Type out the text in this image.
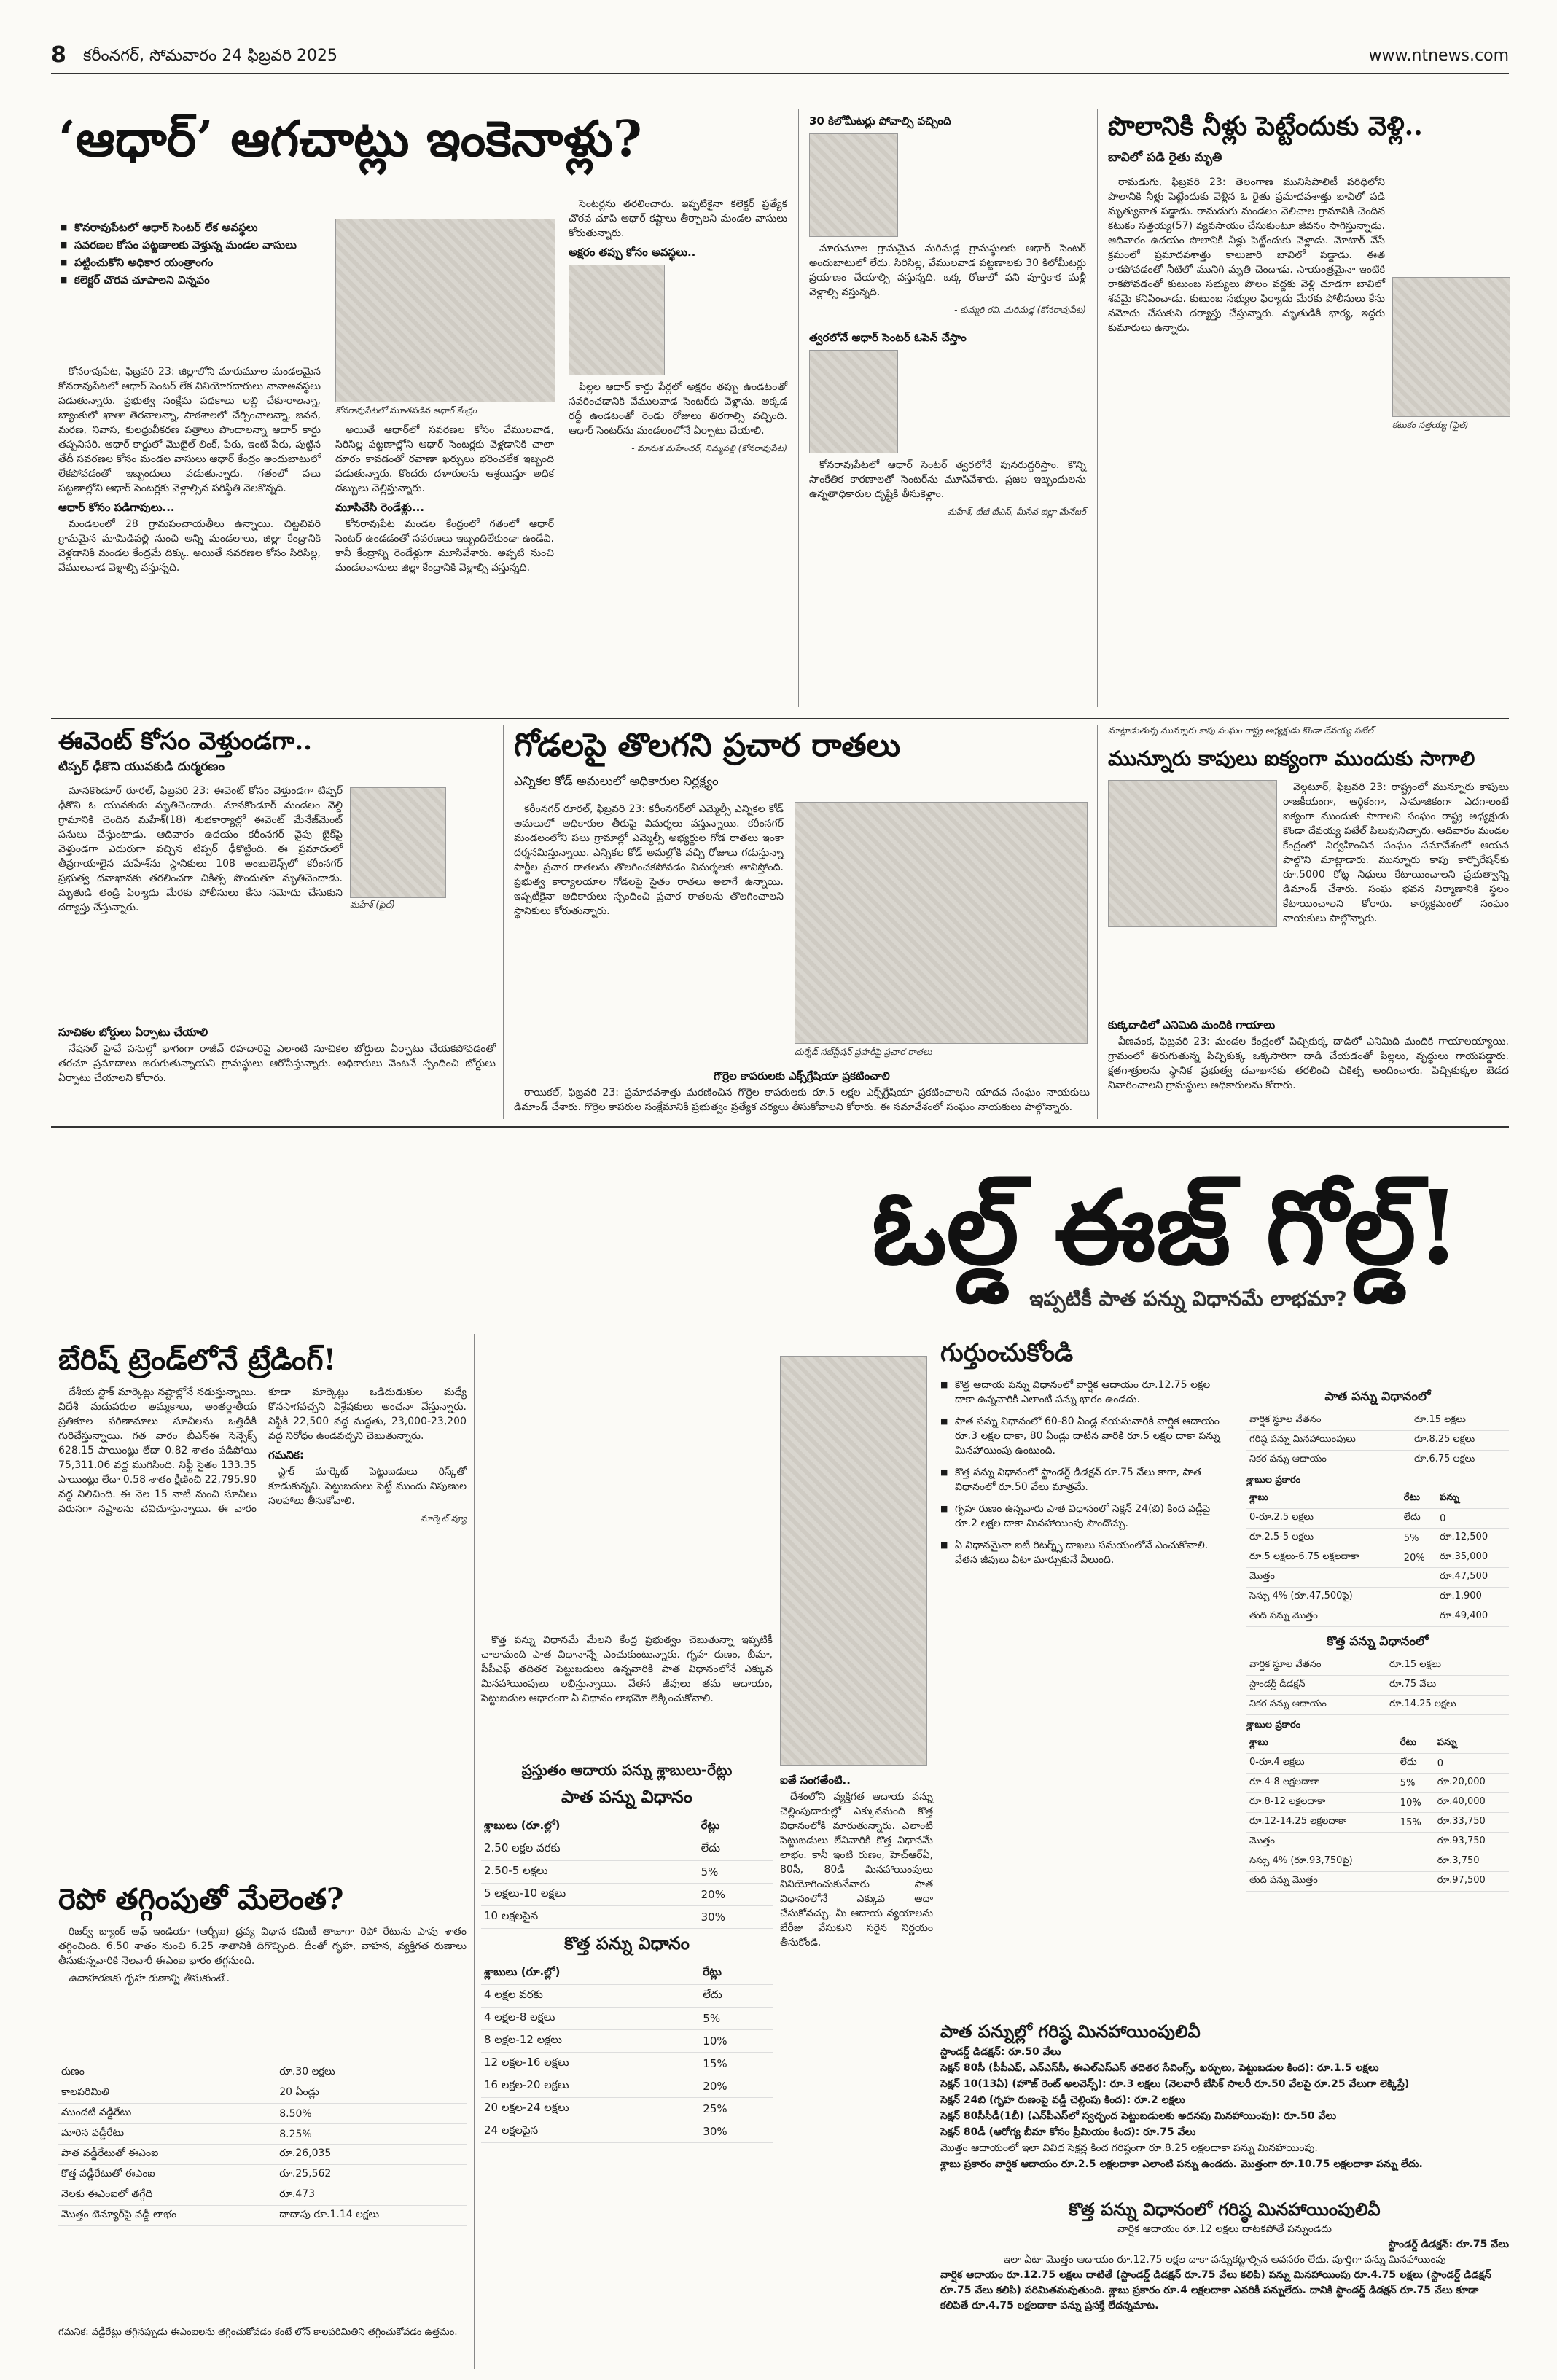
8 కరీంనగర్, సోమవారం 24 ఫిబ్రవరి 2025	www.ntnews.com
‘ఆధార్’ ఆగచాట్లు ఇంకెనాళ్లు?
■ కొనరావుపేటలో ఆధార్ సెంటర్ లేక అవస్థలు
■ సవరణల కోసం పట్టణాలకు వెళ్తున్న మండల వాసులు
■ పట్టించుకోని అధికార యంత్రాంగం
■ కలెక్టర్ చొరవ చూపాలని విన్నపం

కోనరావుపేట, ఫిబ్రవరి 23: జిల్లాలోని మారుమూల మండలమైన కోనరావుపేటలో ఆధార్ సెంటర్ లేక వినియోగదారులు నానాఅవస్థలు పడుతున్నారు. ప్రభుత్వ సంక్షేమ పథకాలు లబ్ధి చేకూరాలన్నా, బ్యాంకులో ఖాతా తెరవాలన్నా, పాఠశాలలో చేర్పించాలన్నా, జనన, మరణ, నివాస, కులధ్రువీకరణ పత్రాలు పొందాలన్నా ఆధార్ కార్డు తప్పనిసరి. ఆధార్ కార్డులో మొబైల్ లింక్, పేరు, ఇంటి పేరు, పుట్టిన తేదీ సవరణల కోసం మండల వాసులు ఆధార్ కేంద్రం అందుబాటులో లేకపోవడంతో ఇబ్బందులు పడుతున్నారు. గతంలో పలు పట్టణాల్లోని ఆధార్ సెంటర్లకు వెళ్లాల్సిన పరిస్థితి నెలకొన్నది.

ఆధార్ కోసం పడిగాపులు...

మండలంలో 28 గ్రామపంచాయతీలు ఉన్నాయి. చిట్టచివరి గ్రామమైన మామిడిపల్లి నుంచి అన్ని మండలాలు, జిల్లా కేంద్రానికి వెళ్లడానికి మండల కేంద్రమే దిక్కు. అయితే సవరణల కోసం సిరిసిల్ల, వేములవాడ వెళ్లాల్సి వస్తున్నది.

కోనరావుపేటలో మూతపడిన ఆధార్ కేంద్రం

అయితే ఆధార్‌లో సవరణల కోసం వేములవాడ, సిరిసిల్ల పట్టణాల్లోని ఆధార్ సెంటర్లకు వెళ్లడానికి చాలా దూరం కావడంతో రవాణా ఖర్చులు భరించలేక ఇబ్బంది పడుతున్నారు. కొందరు దళారులను ఆశ్రయిస్తూ అధిక డబ్బులు చెల్లిస్తున్నారు.

మూసివేసి రెండేళ్లు...

కోనరావుపేట మండల కేంద్రంలో గతంలో ఆధార్ సెంటర్ ఉండడంతో సవరణలు ఇబ్బందిలేకుండా ఉండేవి. కానీ కేంద్రాన్ని రెండేళ్లుగా మూసివేశారు. అప్పటి నుంచి మండలవాసులు జిల్లా కేంద్రానికి వెళ్లాల్సి వస్తున్నది.

సెంటర్లను తరలించారు. ఇప్పటికైనా కలెక్టర్ ప్రత్యేక చొరవ చూపి ఆధార్ కష్టాలు తీర్చాలని మండల వాసులు కోరుతున్నారు.

అక్షరం తప్పు కోసం అవస్థలు..

పిల్లల ఆధార్ కార్డు పేర్లలో అక్షరం తప్పు ఉండటంతో సవరించడానికి వేములవాడ సెంటర్‌కు వెళ్లాను. అక్కడ రద్దీ ఉండటంతో రెండు రోజులు తిరగాల్సి వచ్చింది. ఆధార్ సెంటర్‌ను మండలంలోనే ఏర్పాటు చేయాలి.

- మానుక మహేందర్, నిమ్మపల్లి (కోనరావుపేట)
30 కిలోమీటర్లు పోవాల్సి వచ్చింది

మారుమూల గ్రామమైన మరిమడ్ల గ్రామస్థులకు ఆధార్ సెంటర్ అందుబాటులో లేదు. సిరిసిల్ల, వేములవాడ పట్టణాలకు 30 కిలోమీటర్లు ప్రయాణం చేయాల్సి వస్తున్నది. ఒక్క రోజులో పని పూర్తికాక మళ్లీ వెళ్లాల్సి వస్తున్నది.

- కుమ్మరి రవి, మరిమడ్ల (కోనరావుపేట)
త్వరలోనే ఆధార్ సెంటర్ ఓపెన్ చేస్తాం

కోనరావుపేటలో ఆధార్ సెంటర్ త్వరలోనే పునరుద్ధరిస్తాం. కొన్ని సాంకేతిక కారణాలతో సెంటర్‌ను మూసివేశారు. ప్రజల ఇబ్బందులను ఉన్నతాధికారుల దృష్టికి తీసుకెళ్లాం.

- మహేశ్, టీజీ టీఎస్, మీసేవ జిల్లా మేనేజర్
పొలానికి నీళ్లు పెట్టేందుకు వెళ్లి..
బావిలో పడి రైతు మృతి
కటుకం సత్తయ్య (ఫైల్)

రామడుగు, ఫిబ్రవరి 23: తెలంగాణ మునిసిపాలిటీ పరిధిలోని పొలానికి నీళ్లు పెట్టేందుకు వెళ్లిన ఓ రైతు ప్రమాదవశాత్తు బావిలో పడి మృత్యువాత పడ్డాడు. రామడుగు మండలం వెలిచాల గ్రామానికి చెందిన కటుకం సత్తయ్య(57) వ్యవసాయం చేసుకుంటూ జీవనం సాగిస్తున్నాడు. ఆదివారం ఉదయం పొలానికి నీళ్లు పెట్టేందుకు వెళ్లాడు. మోటార్ వేసే క్రమంలో ప్రమాదవశాత్తు కాలుజారి బావిలో పడ్డాడు. ఈత రాకపోవడంతో నీటిలో మునిగి మృతి చెందాడు. సాయంత్రమైనా ఇంటికి రాకపోవడంతో కుటుంబ సభ్యులు పొలం వద్దకు వెళ్లి చూడగా బావిలో శవమై కనిపించాడు. కుటుంబ సభ్యుల ఫిర్యాదు మేరకు పోలీసులు కేసు నమోదు చేసుకుని దర్యాప్తు చేస్తున్నారు. మృతుడికి భార్య, ఇద్దరు కుమారులు ఉన్నారు.

ఈవెంట్ కోసం వెళ్తుండగా..
టిప్పర్ ఢీకొని యువకుడి దుర్మరణం
మహేశ్ (ఫైల్)

మానకొండూర్ రూరల్, ఫిబ్రవరి 23: ఈవెంట్ కోసం వెళ్తుండగా టిప్పర్ ఢీకొని ఓ యువకుడు మృతిచెందాడు. మానకొండూర్ మండలం వెల్ది గ్రామానికి చెందిన మహేశ్(18) శుభకార్యాల్లో ఈవెంట్ మేనేజ్‌మెంట్ పనులు చేస్తుంటాడు. ఆదివారం ఉదయం కరీంనగర్ వైపు బైక్‌పై వెళ్తుండగా ఎదురుగా వచ్చిన టిప్పర్ ఢీకొట్టింది. ఈ ప్రమాదంలో తీవ్రగాయాలైన మహేశ్‌ను స్థానికులు 108 అంబులెన్స్‌లో కరీంనగర్ ప్రభుత్వ దవాఖానకు తరలించగా చికిత్స పొందుతూ మృతిచెందాడు. మృతుడి తండ్రి ఫిర్యాదు మేరకు పోలీసులు కేసు నమోదు చేసుకుని దర్యాప్తు చేస్తున్నారు.

సూచికల బోర్డులు ఏర్పాటు చేయాలి

నేషనల్ హైవే పనుల్లో భాగంగా రాజీవ్ రహదారిపై ఎలాంటి సూచికల బోర్డులు ఏర్పాటు చేయకపోవడంతో తరచూ ప్రమాదాలు జరుగుతున్నాయని గ్రామస్థులు ఆరోపిస్తున్నారు. అధికారులు వెంటనే స్పందించి బోర్డులు ఏర్పాటు చేయాలని కోరారు.

గోడలపై తొలగని ప్రచార రాతలు
ఎన్నికల కోడ్ అమలులో అధికారుల నిర్లక్ష్యం

కరీంనగర్ రూరల్, ఫిబ్రవరి 23: కరీంనగర్‌లో ఎమ్మెల్సీ ఎన్నికల కోడ్ అమలులో అధికారుల తీరుపై విమర్శలు వస్తున్నాయి. కరీంనగర్ మండలంలోని పలు గ్రామాల్లో ఎమ్మెల్సీ అభ్యర్థుల గోడ రాతలు ఇంకా దర్శనమిస్తున్నాయి. ఎన్నికల కోడ్ అమల్లోకి వచ్చి రోజులు గడుస్తున్నా పార్టీల ప్రచార రాతలను తొలగించకపోవడం విమర్శలకు తావిస్తోంది. ప్రభుత్వ కార్యాలయాల గోడలపై సైతం రాతలు అలాగే ఉన్నాయి. ఇప్పటికైనా అధికారులు స్పందించి ప్రచార రాతలను తొలగించాలని స్థానికులు కోరుతున్నారు.

దుర్శేడ్ సబ్‌స్టేషన్ ప్రహరీపై ప్రచార రాతలు
గొర్రెల కాపరులకు ఎక్స్‌గ్రేషియా ప్రకటించాలి

రాయికల్, ఫిబ్రవరి 23: ప్రమాదవశాత్తు మరణించిన గొర్రెల కాపరులకు రూ.5 లక్షల ఎక్స్‌గ్రేషియా ప్రకటించాలని యాదవ సంఘం నాయకులు డిమాండ్ చేశారు. గొర్రెల కాపరుల సంక్షేమానికి ప్రభుత్వం ప్రత్యేక చర్యలు తీసుకోవాలని కోరారు. ఈ సమావేశంలో సంఘం నాయకులు పాల్గొన్నారు.

మాట్లాడుతున్న మున్నూరు కాపు సంఘం రాష్ట్ర అధ్యక్షుడు కొండా దేవయ్య పటేల్
మున్నూరు కాపులు ఐక్యంగా ముందుకు సాగాలి

వెల్గటూర్, ఫిబ్రవరి 23: రాష్ట్రంలో మున్నూరు కాపులు రాజకీయంగా, ఆర్థికంగా, సామాజికంగా ఎదగాలంటే ఐక్యంగా ముందుకు సాగాలని సంఘం రాష్ట్ర అధ్యక్షుడు కొండా దేవయ్య పటేల్ పిలుపునిచ్చారు. ఆదివారం మండల కేంద్రంలో నిర్వహించిన సంఘం సమావేశంలో ఆయన పాల్గొని మాట్లాడారు. మున్నూరు కాపు కార్పొరేషన్‌కు రూ.5000 కోట్ల నిధులు కేటాయించాలని ప్రభుత్వాన్ని డిమాండ్ చేశారు. సంఘ భవన నిర్మాణానికి స్థలం కేటాయించాలని కోరారు. కార్యక్రమంలో సంఘం నాయకులు పాల్గొన్నారు.

కుక్కదాడిలో ఎనిమిది మందికి గాయాలు

వీణవంక, ఫిబ్రవరి 23: మండల కేంద్రంలో పిచ్చికుక్క దాడిలో ఎనిమిది మందికి గాయాలయ్యాయి. గ్రామంలో తిరుగుతున్న పిచ్చికుక్క ఒక్కసారిగా దాడి చేయడంతో పిల్లలు, వృద్ధులు గాయపడ్డారు. క్షతగాత్రులను స్థానిక ప్రభుత్వ దవాఖానకు తరలించి చికిత్స అందించారు. పిచ్చికుక్కల బెడద నివారించాలని గ్రామస్థులు అధికారులను కోరారు.

ఓల్డ్ ఈజ్ గోల్డ్!
ఇప్పటికీ పాత పన్ను విధానమే లాభమా?
బేరిష్ ట్రెండ్‌లోనే ట్రేడింగ్!

దేశీయ స్టాక్ మార్కెట్లు నష్టాల్లోనే నడుస్తున్నాయి. విదేశీ మదుపరుల అమ్మకాలు, అంతర్జాతీయ ప్రతికూల పరిణామాలు సూచీలను ఒత్తిడికి గురిచేస్తున్నాయి. గత వారం బీఎస్‌ఈ సెన్సెక్స్ 628.15 పాయింట్లు లేదా 0.82 శాతం పడిపోయి 75,311.06 వద్ద ముగిసింది. నిఫ్టీ సైతం 133.35 పాయింట్లు లేదా 0.58 శాతం క్షీణించి 22,795.90 వద్ద నిలిచింది. ఈ నెల 15 నాటి నుంచి సూచీలు వరుసగా నష్టాలను చవిచూస్తున్నాయి. ఈ వారం కూడా మార్కెట్లు ఒడిదుడుకుల మధ్యే కొనసాగవచ్చని విశ్లేషకులు అంచనా వేస్తున్నారు. నిఫ్టీకి 22,500 వద్ద మద్దతు, 23,000-23,200 వద్ద నిరోధం ఉండవచ్చని చెబుతున్నారు.

గమనిక:

స్టాక్ మార్కెట్ పెట్టుబడులు రిస్క్‌తో కూడుకున్నవి. పెట్టుబడులు పెట్టే ముందు నిపుణుల సలహాలు తీసుకోవాలి.

మార్కెట్ వ్యూ
రెపో తగ్గింపుతో మేలెంత?

రిజర్వ్ బ్యాంక్ ఆఫ్ ఇండియా (ఆర్బీఐ) ద్రవ్య విధాన కమిటీ తాజాగా రెపో రేటును పావు శాతం తగ్గించింది. 6.50 శాతం నుంచి 6.25 శాతానికి దిగొచ్చింది. దీంతో గృహ, వాహన, వ్యక్తిగత రుణాలు తీసుకున్నవారికి నెలవారీ ఈఎంఐ భారం తగ్గనుంది.

ఉదాహరణకు గృహ రుణాన్ని తీసుకుంటే..

రుణం	రూ.30 లక్షలు
కాలపరిమితి	20 ఏండ్లు
ముందటి వడ్డీరేటు	8.50%
మారిన వడ్డీరేటు	8.25%
పాత వడ్డీరేటుతో ఈఎంఐ	రూ.26,035
కొత్త వడ్డీరేటుతో ఈఎంఐ	రూ.25,562
నెలకు ఈఎంఐలో తగ్గేది	రూ.473
మొత్తం టెన్యూర్‌పై వడ్డీ లాభం	దాదాపు రూ.1.14 లక్షలు
గమనిక: వడ్డీరేట్లు తగ్గినప్పుడు ఈఎంఐలను తగ్గించుకోవడం కంటే లోన్ కాలపరిమితిని తగ్గించుకోవడం ఉత్తమం.

కొత్త పన్ను విధానమే మేలని కేంద్ర ప్రభుత్వం చెబుతున్నా ఇప్పటికీ చాలామంది పాత విధానాన్నే ఎంచుకుంటున్నారు. గృహ రుణం, బీమా, పీపీఎఫ్ తదితర పెట్టుబడులు ఉన్నవారికి పాత విధానంలోనే ఎక్కువ మినహాయింపులు లభిస్తున్నాయి. వేతన జీవులు తమ ఆదాయం, పెట్టుబడుల ఆధారంగా ఏ విధానం లాభమో లెక్కించుకోవాలి.

ప్రస్తుతం ఆదాయ పన్ను శ్లాబులు-రేట్లు
పాత పన్ను విధానం
శ్లాబులు (రూ.ల్లో)	రేట్లు
2.50 లక్షల వరకు	లేదు
2.50-5 లక్షలు	5%
5 లక్షలు-10 లక్షలు	20%
10 లక్షలపైన	30%
కొత్త పన్ను విధానం
శ్లాబులు (రూ.ల్లో)	రేట్లు
4 లక్షల వరకు	లేదు
4 లక్షల-8 లక్షలు	5%
8 లక్షల-12 లక్షలు	10%
12 లక్షల-16 లక్షలు	15%
16 లక్షల-20 లక్షలు	20%
20 లక్షల-24 లక్షలు	25%
24 లక్షలపైన	30%
ఐతే సంగతేంటి..

దేశంలోని వ్యక్తిగత ఆదాయ పన్ను చెల్లింపుదారుల్లో ఎక్కువమంది కొత్త విధానంలోకి మారుతున్నారు. ఎలాంటి పెట్టుబడులు లేనివారికి కొత్త విధానమే లాభం. కానీ ఇంటి రుణం, హెచ్‌ఆర్‌ఏ, 80సీ, 80డీ మినహాయింపులు వినియోగించుకునేవారు పాత విధానంలోనే ఎక్కువ ఆదా చేసుకోవచ్చు. మీ ఆదాయ వ్యయాలను బేరీజు వేసుకుని సరైన నిర్ణయం తీసుకోండి.

గుర్తుంచుకోండి
■ కొత్త ఆదాయ పన్ను విధానంలో వార్షిక ఆదాయం రూ.12.75 లక్షల దాకా ఉన్నవారికి ఎలాంటి పన్ను భారం ఉండదు.
■ పాత పన్ను విధానంలో 60-80 ఏండ్ల వయసువారికి వార్షిక ఆదాయం రూ.3 లక్షల దాకా, 80 ఏండ్లు దాటిన వారికి రూ.5 లక్షల దాకా పన్ను మినహాయింపు ఉంటుంది.
■ కొత్త పన్ను విధానంలో స్టాండర్డ్ డిడక్షన్ రూ.75 వేలు కాగా, పాత విధానంలో రూ.50 వేలు మాత్రమే.
■ గృహ రుణం ఉన్నవారు పాత విధానంలో సెక్షన్ 24(బి) కింద వడ్డీపై రూ.2 లక్షల దాకా మినహాయింపు పొందొచ్చు.
■ ఏ విధానమైనా ఐటీ రిటర్న్స్ దాఖలు సమయంలోనే ఎంచుకోవాలి. వేతన జీవులు ఏటా మార్చుకునే వీలుంది.
పాత పన్ను విధానంలో
వార్షిక స్థూల వేతనం	రూ.15 లక్షలు
గరిష్ఠ పన్ను మినహాయింపులు	రూ.8.25 లక్షలు
నికర పన్ను ఆదాయం	రూ.6.75 లక్షలు
శ్లాబుల ప్రకారం
శ్లాబు	రేటు	పన్ను
0-రూ.2.5 లక్షలు	లేదు	0
రూ.2.5-5 లక్షలు	5%	రూ.12,500
రూ.5 లక్షలు-6.75 లక్షలదాకా	20%	రూ.35,000
మొత్తం		రూ.47,500
సెస్సు 4% (రూ.47,500పై)		రూ.1,900
తుది పన్ను మొత్తం		రూ.49,400
కొత్త పన్ను విధానంలో
వార్షిక స్థూల వేతనం	రూ.15 లక్షలు
స్టాండర్డ్ డిడక్షన్	రూ.75 వేలు
నికర పన్ను ఆదాయం	రూ.14.25 లక్షలు
శ్లాబుల ప్రకారం
శ్లాబు	రేటు	పన్ను
0-రూ.4 లక్షలు	లేదు	0
రూ.4-8 లక్షలదాకా	5%	రూ.20,000
రూ.8-12 లక్షలదాకా	10%	రూ.40,000
రూ.12-14.25 లక్షలదాకా	15%	రూ.33,750
మొత్తం		రూ.93,750
సెస్సు 4% (రూ.93,750పై)		రూ.3,750
తుది పన్ను మొత్తం		రూ.97,500
పాత పన్నుల్లో గరిష్ఠ మినహాయింపులివీ
స్టాండర్డ్ డిడక్షన్: రూ.50 వేలు
సెక్షన్ 80సీ (పీపీఎఫ్, ఎన్‌ఎస్‌సీ, ఈఎల్‌ఎస్‌ఎస్ తదితర సేవింగ్స్, ఖర్చులు, పెట్టుబడుల కింద): రూ.1.5 లక్షలు
సెక్షన్ 10(13ఏ) (హౌజ్ రెంట్ అలవెన్స్): రూ.3 లక్షలు (నెలవారీ బేసిక్ సాలరీ రూ.50 వేలపై రూ.25 వేలుగా లెక్కిస్తే)
సెక్షన్ 24బి (గృహ రుణంపై వడ్డీ చెల్లింపు కింద): రూ.2 లక్షలు
సెక్షన్ 80సీసీడీ(1బీ) (ఎన్‌పీఎస్‌లో స్వచ్ఛంద పెట్టుబడులకు అదనపు మినహాయింపు): రూ.50 వేలు
సెక్షన్ 80డీ (ఆరోగ్య బీమా కోసం ప్రీమియం కింద): రూ.75 వేలు
మొత్తం ఆదాయంలో ఇలా వివిధ సెక్షన్ల కింద గరిష్ఠంగా రూ.8.25 లక్షలదాకా పన్ను మినహాయింపు.
శ్లాబు ప్రకారం వార్షిక ఆదాయం రూ.2.5 లక్షలదాకా ఎలాంటి పన్ను ఉండదు. మొత్తంగా రూ.10.75 లక్షలదాకా పన్ను లేదు.
కొత్త పన్ను విధానంలో గరిష్ఠ మినహాయింపులివీ
వార్షిక ఆదాయం రూ.12 లక్షలు దాటకపోతే పన్నుండదు
స్టాండర్డ్ డిడక్షన్: రూ.75 వేలు
ఇలా ఏటా మొత్తం ఆదాయం రూ.12.75 లక్షల దాకా పన్నుకట్టాల్సిన అవసరం లేదు. పూర్తిగా పన్ను మినహాయింపు
వార్షిక ఆదాయం రూ.12.75 లక్షలు దాటితే (స్టాండర్డ్ డిడక్షన్ రూ.75 వేలు కలిపి) పన్ను మినహాయింపు రూ.4.75 లక్షలు (స్టాండర్డ్ డిడక్షన్ రూ.75 వేలు కలిపి) పరిమితమవుతుంది. శ్లాబు ప్రకారం రూ.4 లక్షలదాకా ఎవరికీ పన్నులేదు. దానికి స్టాండర్డ్ డిడక్షన్ రూ.75 వేలు కూడా కలిపితే రూ.4.75 లక్షలదాకా పన్ను ప్రసక్తే లేదన్నమాట.
